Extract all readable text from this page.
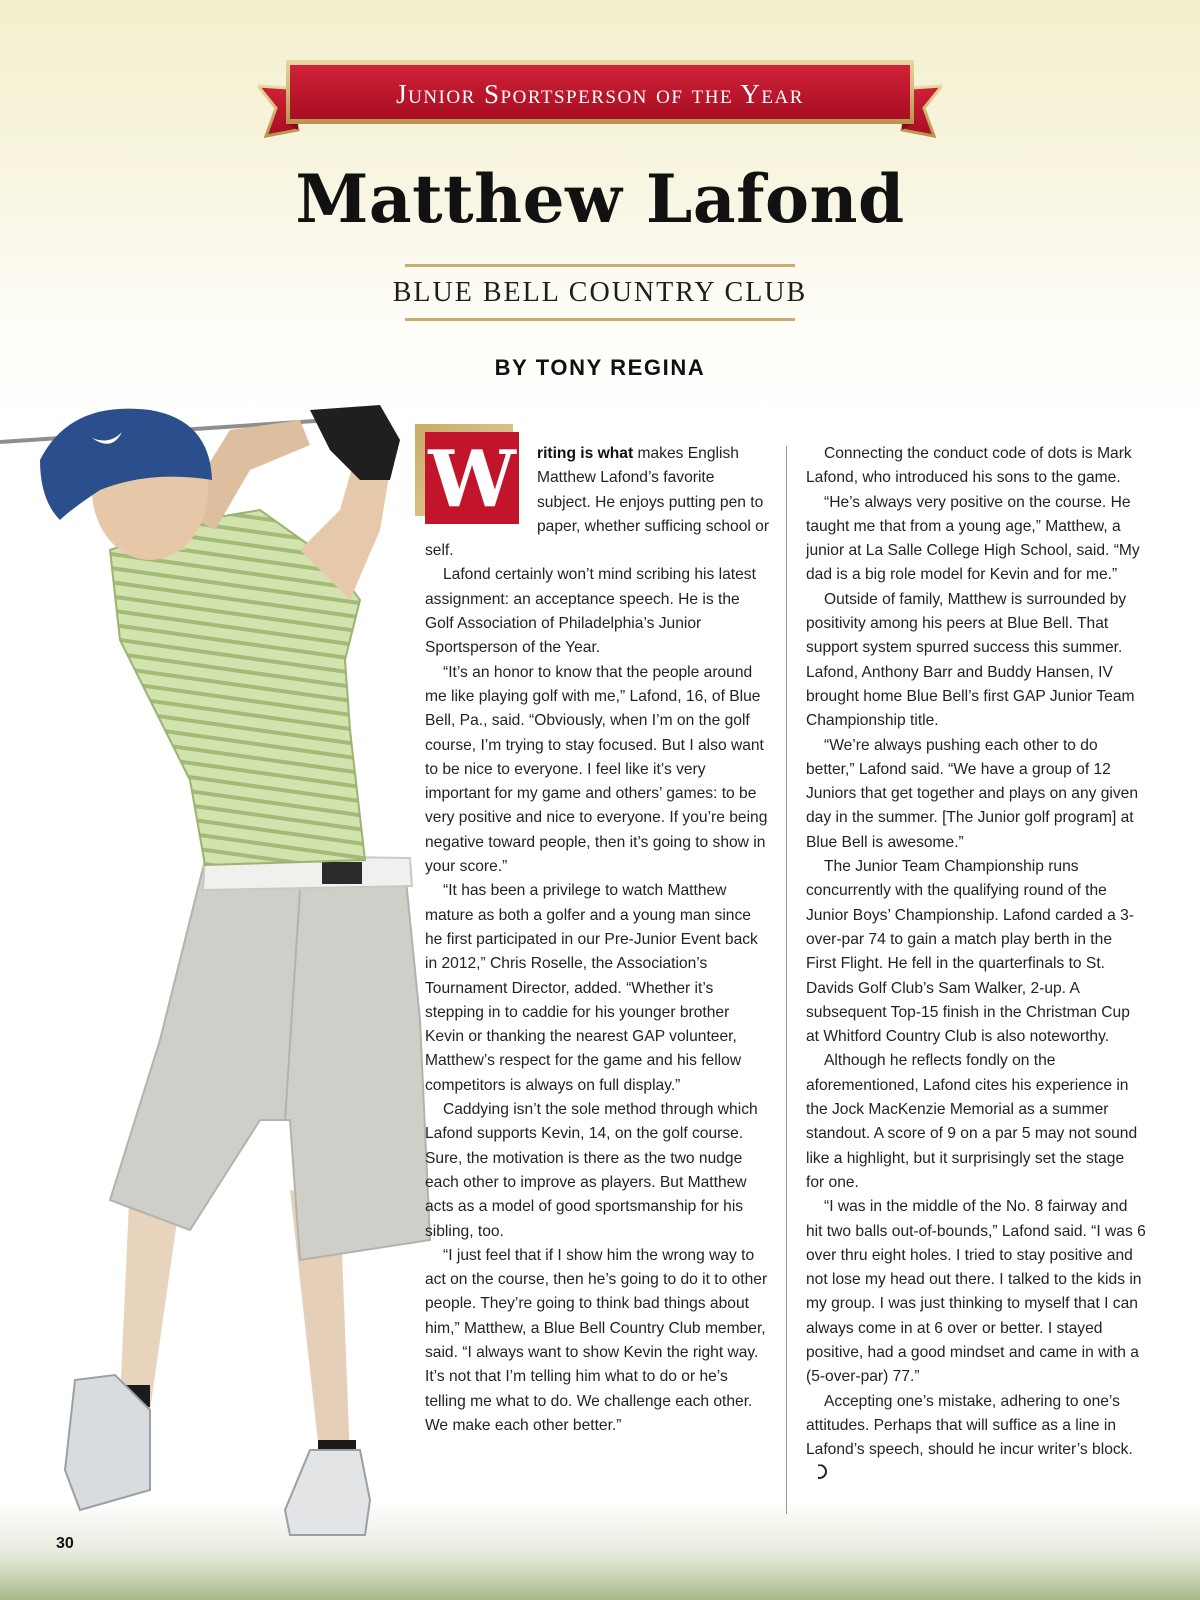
Junior Sportsperson of the Year
Matthew Lafond
BLUE BELL COUNTRY CLUB
BY TONY REGINA
30

W riting is what makes English Matthew Lafond’s favorite subject. He enjoys putting pen to paper, whether sufficing school or self.

Lafond certainly won’t mind scribing his latest assignment: an acceptance speech. He is the Golf Association of Philadelphia’s Junior Sportsperson of the Year.

“It’s an honor to know that the people around me like playing golf with me,” Lafond, 16, of Blue Bell, Pa., said. “Obviously, when I’m on the golf course, I’m trying to stay focused. But I also want to be nice to everyone. I feel like it’s very important for my game and others’ games: to be very positive and nice to everyone. If you’re being negative toward people, then it’s going to show in your score.”

“It has been a privilege to watch Matthew mature as both a golfer and a young man since he first participated in our Pre-Junior Event back in 2012,” Chris Roselle, the Association’s Tournament Director, added. “Whether it’s stepping in to caddie for his younger brother Kevin or thanking the nearest GAP volunteer, Matthew’s respect for the game and his fellow competitors is always on full display.”

Caddying isn’t the sole method through which Lafond supports Kevin, 14, on the golf course. Sure, the motivation is there as the two nudge each other to improve as players. But Matthew acts as a model of good sportsmanship for his sibling, too.

“I just feel that if I show him the wrong way to act on the course, then he’s going to do it to other people. They’re going to think bad things about him,” Matthew, a Blue Bell Country Club member, said. “I always want to show Kevin the right way. It’s not that I’m telling him what to do or he’s telling me what to do. We challenge each other. We make each other better.”

Connecting the conduct code of dots is Mark Lafond, who introduced his sons to the game.

“He’s always very positive on the course. He taught me that from a young age,” Matthew, a junior at La Salle College High School, said. “My dad is a big role model for Kevin and for me.”

Outside of family, Matthew is surrounded by positivity among his peers at Blue Bell. That support system spurred success this summer. Lafond, Anthony Barr and Buddy Hansen, IV brought home Blue Bell’s first GAP Junior Team Championship title.

“We’re always pushing each other to do better,” Lafond said. “We have a group of 12 Juniors that get together and plays on any given day in the summer. [The Junior golf program] at Blue Bell is awesome.”

The Junior Team Championship runs concurrently with the qualifying round of the Junior Boys’ Championship. Lafond carded a 3-over-par 74 to gain a match play berth in the First Flight. He fell in the quarterfinals to St. Davids Golf Club’s Sam Walker, 2-up. A subsequent Top-15 finish in the Christman Cup at Whitford Country Club is also noteworthy.

Although he reflects fondly on the aforementioned, Lafond cites his experience in the Jock MacKenzie Memorial as a summer standout. A score of 9 on a par 5 may not sound like a highlight, but it surprisingly set the stage for one.

“I was in the middle of the No. 8 fairway and hit two balls out-of-bounds,” Lafond said. “I was 6 over thru eight holes. I tried to stay positive and not lose my head out there. I talked to the kids in my group. I was just thinking to myself that I can always come in at 6 over or better. I stayed positive, had a good mindset and came in with a (5-over-par) 77.”

Accepting one’s mistake, adhering to one’s attitudes. Perhaps that will suffice as a line in Lafond’s speech, should he incur writer’s block.
